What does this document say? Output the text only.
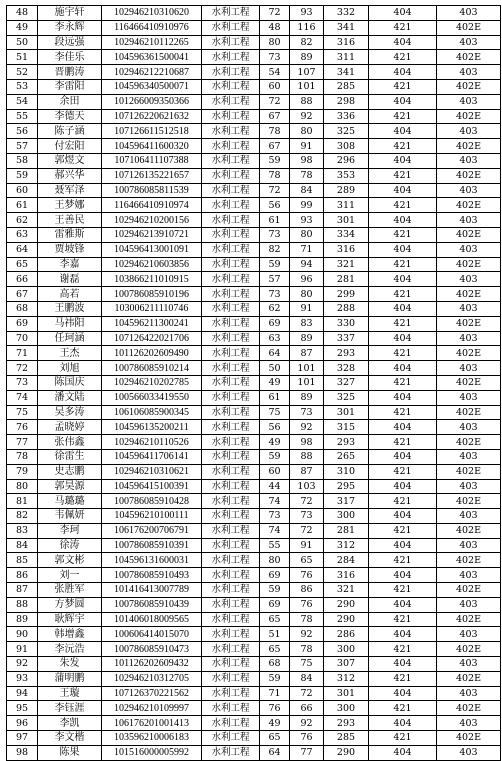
48	施宇轩	102946210310620	水利工程	72	93	332	404	403
49	李永辉	116466410910976	水利工程	48	116	341	421	402E
50	段远强	102946210112265	水利工程	80	82	316	404	403
51	李佳乐	104596361500041	水利工程	73	89	311	421	402E
52	晋鹏涛	102946212210687	水利工程	54	107	341	404	403
53	李雷阳	104596340500071	水利工程	60	101	285	421	402E
54	余田	101266009350366	水利工程	72	88	298	404	403
55	李德天	107126220621632	水利工程	67	92	336	421	402E
56	陈子涵	107126611512518	水利工程	78	80	325	404	403
57	付宏阳	104596411600320	水利工程	67	91	308	421	402E
58	郭煜文	107106411107388	水利工程	59	98	296	404	403
59	郝兴华	107126135221657	水利工程	78	78	353	421	402E
60	聂军泽	100786085811539	水利工程	72	84	289	404	403
61	王梦娜	116466410910974	水利工程	56	99	311	421	402E
62	王善民	102946210200156	水利工程	61	93	301	404	403
63	雷雅斯	102946213910721	水利工程	73	80	334	421	402E
64	贾坡锋	104596413001091	水利工程	82	71	316	404	403
65	李嘉	102946210603856	水利工程	59	94	321	421	402E
66	谢磊	103866211010915	水利工程	57	96	281	404	403
67	高若	100786085910196	水利工程	73	80	299	421	402E
68	王鹏波	103006211110746	水利工程	62	91	288	404	403
69	马祎阳	104596211300241	水利工程	69	83	330	421	402E
70	任珂涵	107126422021706	水利工程	63	89	337	404	403
71	王杰	101126202609490	水利工程	64	87	293	421	402E
72	刘旭	100786085910214	水利工程	50	101	328	404	403
73	陈国庆	102946210202785	水利工程	49	101	327	421	402E
74	潘文陆	100566033419550	水利工程	61	89	325	404	403
75	吴多涛	106106085900345	水利工程	75	73	301	421	402E
76	孟晓婷	104596135200211	水利工程	56	92	315	404	403
77	张伟鑫	102946210110526	水利工程	49	98	293	421	402E
78	徐雷生	104596411706141	水利工程	59	88	265	404	403
79	史志鹏	102946210310621	水利工程	60	87	310	421	402E
80	郭昊源	104596415100391	水利工程	44	103	295	404	403
81	马璐璐	100786085910428	水利工程	74	72	317	421	402E
82	韦佩妍	104596210100111	水利工程	73	73	300	404	403
83	李珂	106176200706791	水利工程	74	72	281	421	402E
84	徐涛	100786085910391	水利工程	55	91	312	404	403
85	郭文彬	104596131600031	水利工程	80	65	284	421	402E
86	刘一	100786085910493	水利工程	69	76	316	404	403
87	张胜军	101416413007789	水利工程	59	86	321	421	402E
88	方梦圆	100786085910439	水利工程	69	76	290	404	403
89	耿辉宇	101406018009565	水利工程	65	78	290	421	402E
90	韩增鑫	100606414015070	水利工程	51	92	286	404	403
91	李沅浩	100786085910473	水利工程	65	78	300	421	402E
92	朱发	101126202609432	水利工程	68	75	307	404	403
93	蒲明鹏	102946210312705	水利工程	59	84	312	421	402E
94	王璇	107126370221562	水利工程	71	72	301	404	403
95	李钰涯	102946210109997	水利工程	76	66	300	421	402E
96	李凯	106176201001413	水利工程	49	92	293	404	403
97	李文楷	103596210006183	水利工程	65	76	285	421	402E
98	陈果	101516000005992	水利工程	64	77	290	404	403
